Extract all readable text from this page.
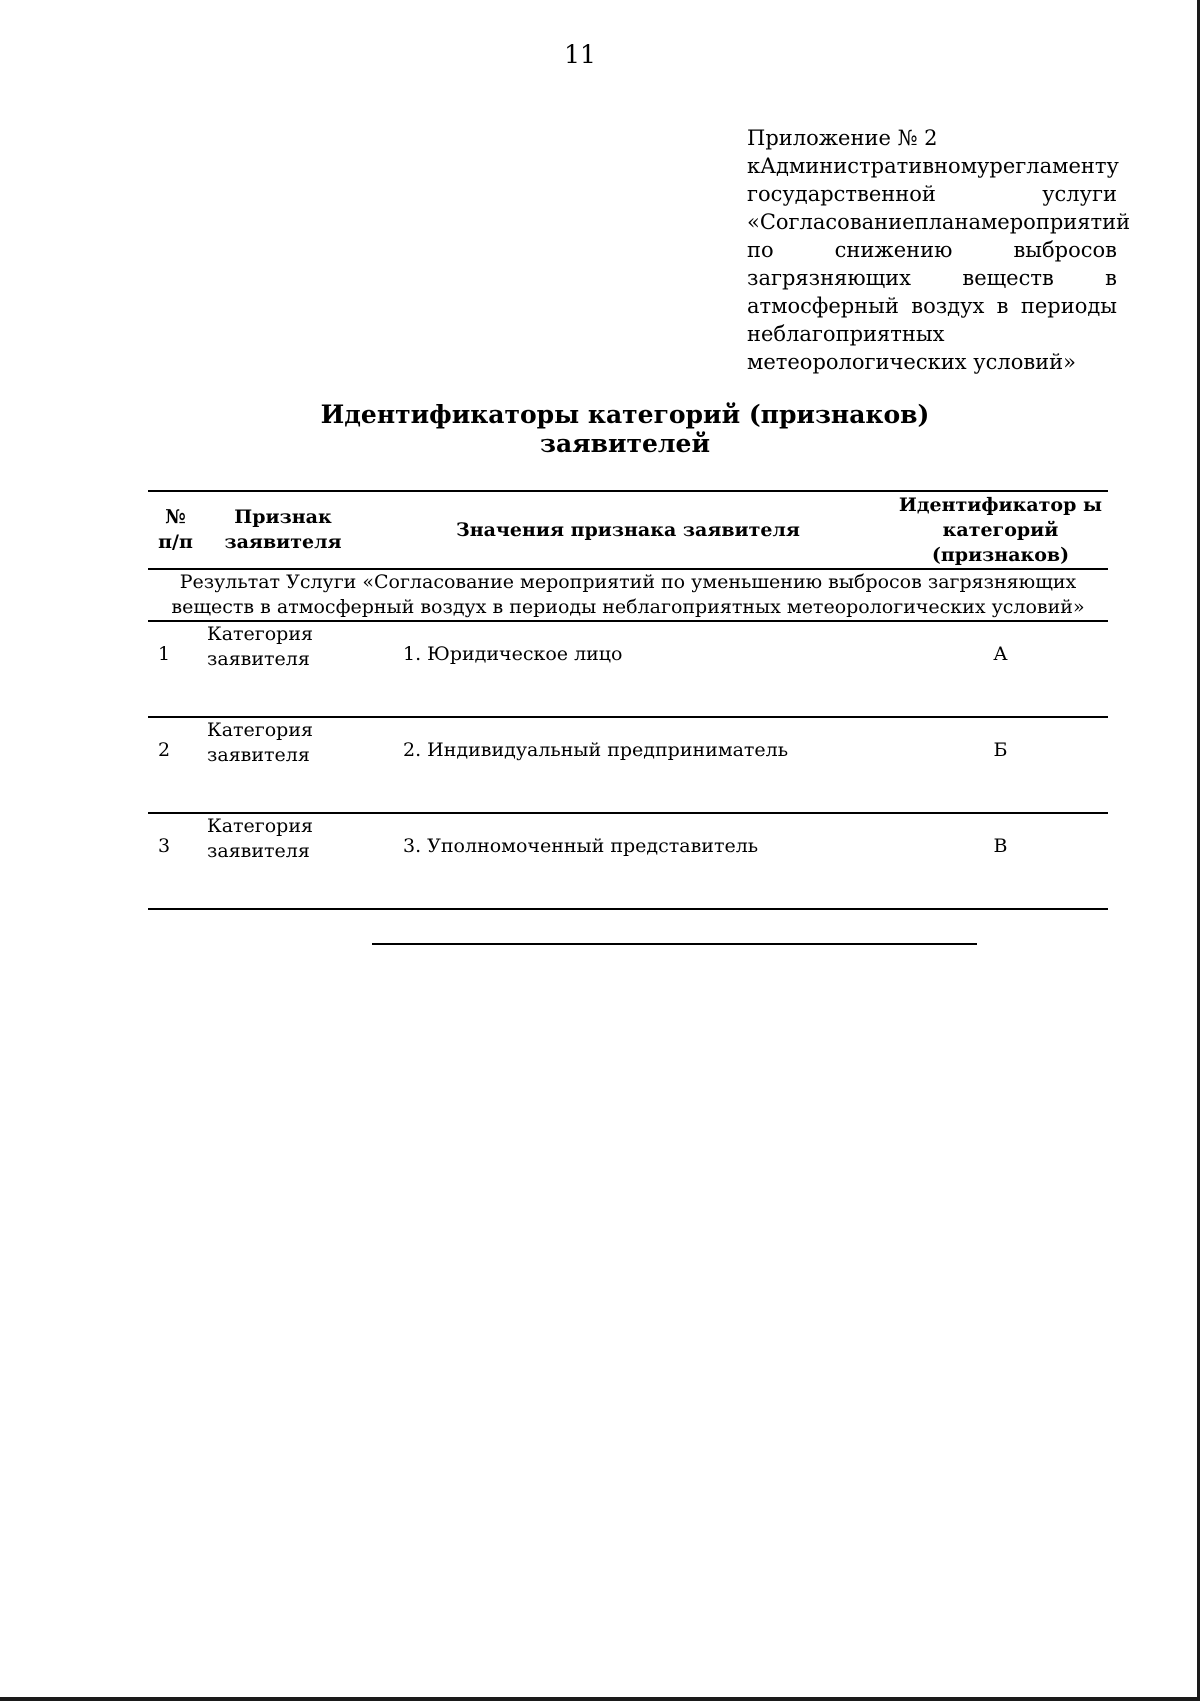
11
Приложение № 2
к Административному регламенту
государственной	услуги
«Согласование плана мероприятий
по	снижению	выбросов
загрязняющих веществ в
атмосферный воздух в периоды
неблагоприятных
метеорологических условий»
Идентификаторы категорий (признаков) заявителей
№ п/п	Признак заявителя	Значения признака заявителя	Идентификатор ы категорий (признаков)
Результат Услуги «Согласование мероприятий по уменьшению выбросов загрязняющих веществ в атмосферный воздух в периоды неблагоприятных метеорологических условий»			
1	Категория заявителя	1. Юридическое лицо	А
2	Категория заявителя	2. Индивидуальный предприниматель	Б
3	Категория заявителя	3. Уполномоченный представитель	В
